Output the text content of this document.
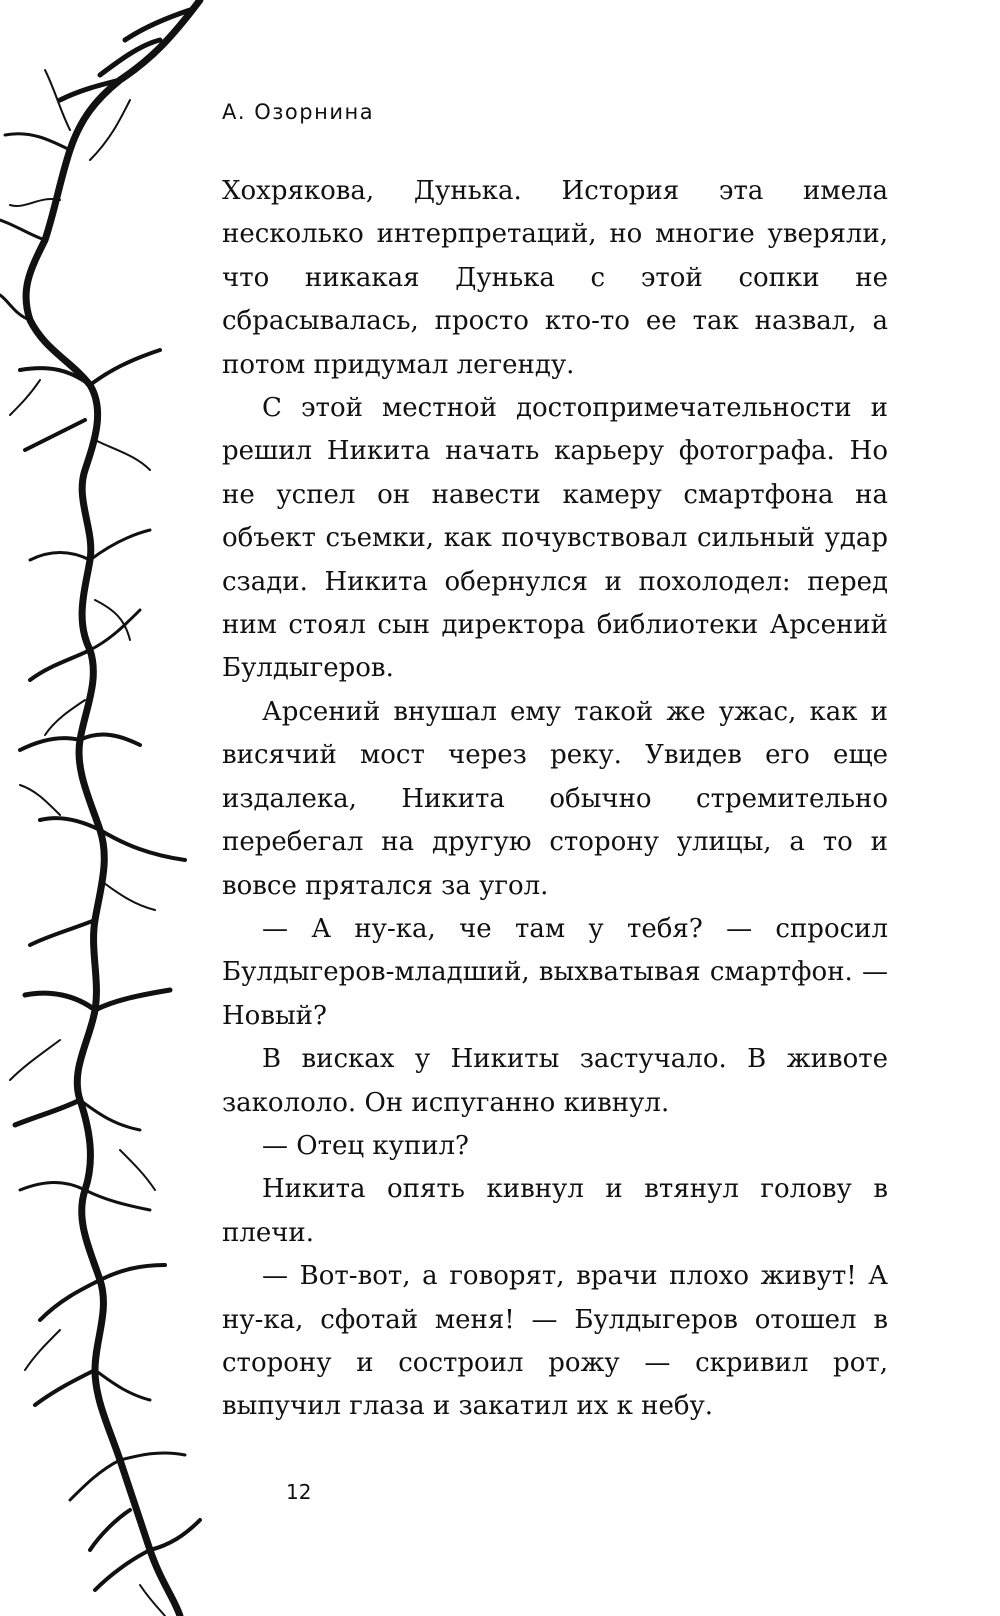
А. Озорнина

Хохрякова, Дунька. История эта имела несколько интерпретаций, но многие уверяли, что никакая Дунька с этой сопки не сбрасывалась, просто кто-то ее так назвал, а потом придумал легенду.

С этой местной достопримечательности и решил Никита начать карьеру фотографа. Но не успел он навести камеру смартфона на объект съемки, как почувствовал сильный удар сзади. Никита обернулся и похолодел: перед ним стоял сын директора библиотеки Арсений Булдыгеров.

Арсений внушал ему такой же ужас, как и висячий мост через реку. Увидев его еще издалека, Никита обычно стремительно перебегал на другую сторону улицы, а то и вовсе прятался за угол.

— А ну-ка, че там у тебя? — спросил Булдыгеров-младший, выхватывая смартфон. — Новый?

В висках у Никиты застучало. В животе закололо. Он испуганно кивнул.

— Отец купил?

Никита опять кивнул и втянул голову в плечи.

— Вот-вот, а говорят, врачи плохо живут! А ну-ка, сфотай меня! — Булдыгеров отошел в сторону и состроил рожу — скривил рот, выпучил глаза и закатил их к небу.

12
